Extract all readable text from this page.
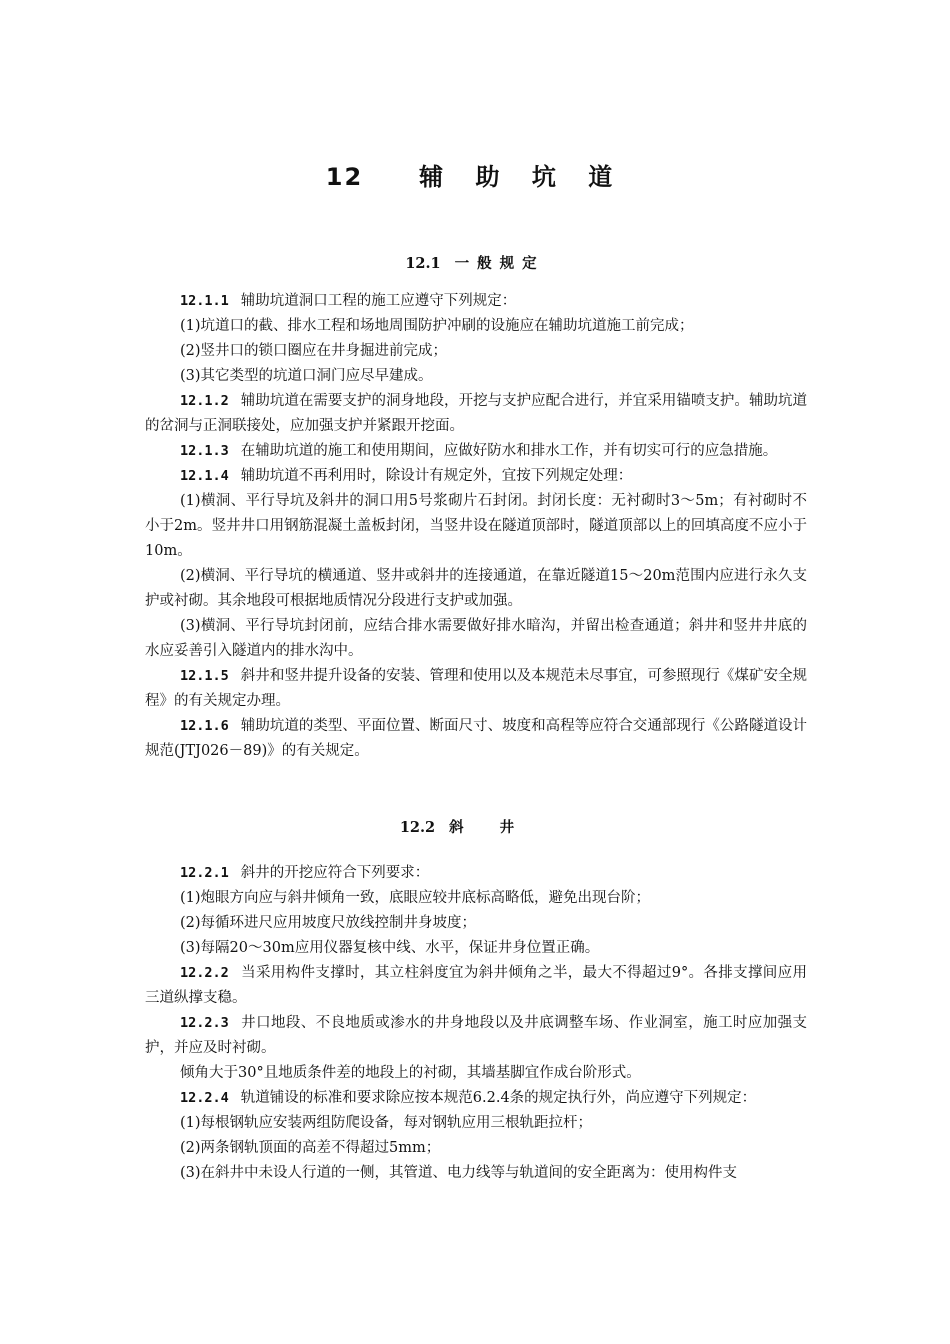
12 辅 助 坑 道
12.1 一般规定

12.1.1 辅助坑道洞口工程的施工应遵守下列规定：

(1)坑道口的截、排水工程和场地周围防护冲刷的设施应在辅助坑道施工前完成；

(2)竖井口的锁口圈应在井身掘进前完成；

(3)其它类型的坑道口洞门应尽早建成。

12.1.2 辅助坑道在需要支护的洞身地段，开挖与支护应配合进行，并宜采用锚喷支护。辅助坑道的岔洞与正洞联接处，应加强支护并紧跟开挖面。

12.1.3 在辅助坑道的施工和使用期间，应做好防水和排水工作，并有切实可行的应急措施。

12.1.4 辅助坑道不再利用时，除设计有规定外，宜按下列规定处理：

(1)横洞、平行导坑及斜井的洞口用5号浆砌片石封闭。封闭长度：无衬砌时3～5m；有衬砌时不小于2m。竖井井口用钢筋混凝土盖板封闭，当竖井设在隧道顶部时，隧道顶部以上的回填高度不应小于10m。

(2)横洞、平行导坑的横通道、竖井或斜井的连接通道，在靠近隧道15～20m范围内应进行永久支护或衬砌。其余地段可根据地质情况分段进行支护或加强。

(3)横洞、平行导坑封闭前，应结合排水需要做好排水暗沟，并留出检查通道；斜井和竖井井底的水应妥善引入隧道内的排水沟中。

12.1.5 斜井和竖井提升设备的安装、管理和使用以及本规范未尽事宜，可参照现行《煤矿安全规程》的有关规定办理。

12.1.6 辅助坑道的类型、平面位置、断面尺寸、坡度和高程等应符合交通部现行《公路隧道设计规范(JTJ026－89)》的有关规定。

12.2 斜井

12.2.1 斜井的开挖应符合下列要求：

(1)炮眼方向应与斜井倾角一致，底眼应较井底标高略低，避免出现台阶；

(2)每循环进尺应用坡度尺放线控制井身坡度；

(3)每隔20～30m应用仪器复核中线、水平，保证井身位置正确。

12.2.2 当采用构件支撑时，其立柱斜度宜为斜井倾角之半，最大不得超过9°。各排支撑间应用三道纵撑支稳。

12.2.3 井口地段、不良地质或渗水的井身地段以及井底调整车场、作业洞室，施工时应加强支护，并应及时衬砌。

倾角大于30°且地质条件差的地段上的衬砌，其墙基脚宜作成台阶形式。

12.2.4 轨道铺设的标准和要求除应按本规范6.2.4条的规定执行外，尚应遵守下列规定：

(1)每根钢轨应安装两组防爬设备，每对钢轨应用三根轨距拉杆；

(2)两条钢轨顶面的高差不得超过5mm；

(3)在斜井中未设人行道的一侧，其管道、电力线等与轨道间的安全距离为：使用构件支
